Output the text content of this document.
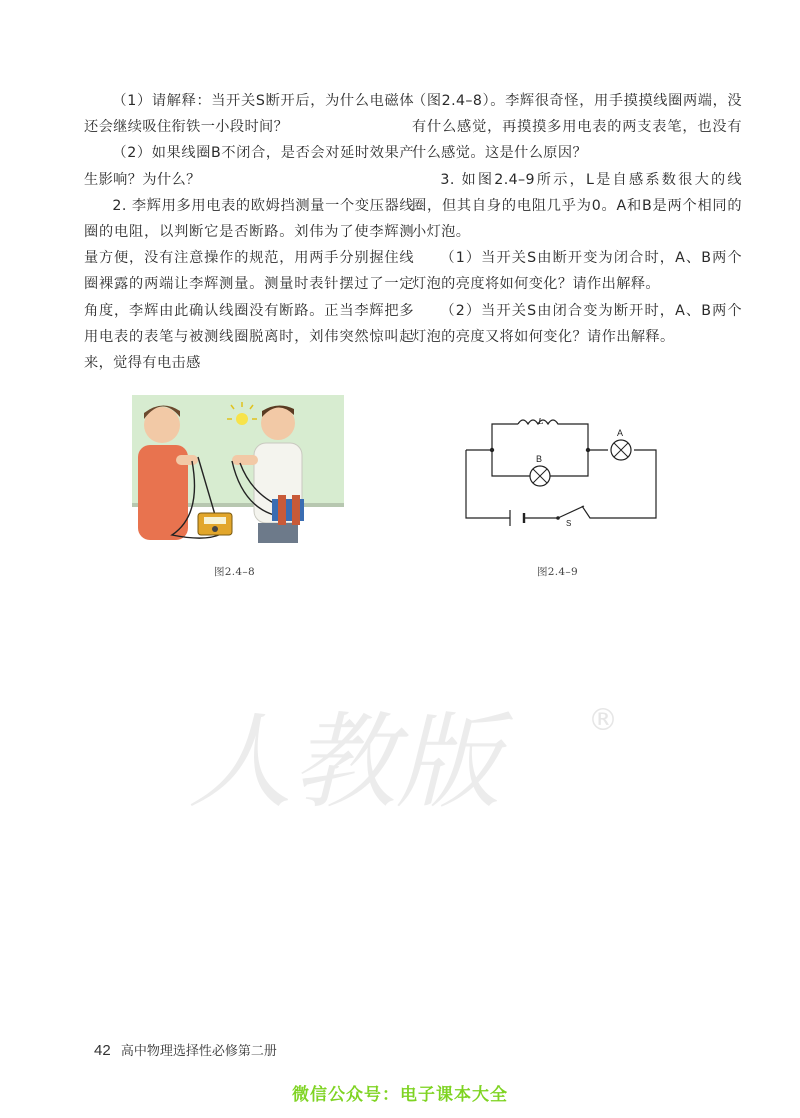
（1）请解释：当开关S断开后，为什么电磁体还会继续吸住衔铁一小段时间？

（2）如果线圈B不闭合，是否会对延时效果产生影响？为什么？

2. 李辉用多用电表的欧姆挡测量一个变压器线圈的电阻，以判断它是否断路。刘伟为了使李辉测量方便，没有注意操作的规范，用两手分别握住线圈裸露的两端让李辉测量。测量时表针摆过了一定角度，李辉由此确认线圈没有断路。正当李辉把多用电表的表笔与被测线圈脱离时，刘伟突然惊叫起来，觉得有电击感

（图2.4–8）。李辉很奇怪，用手摸摸线圈两端，没有什么感觉，再摸摸多用电表的两支表笔，也没有什么感觉。这是什么原因？

3. 如图2.4–9所示，L是自感系数很大的线圈，但其自身的电阻几乎为0。A和B是两个相同的小灯泡。

（1）当开关S由断开变为闭合时，A、B两个灯泡的亮度将如何变化？请作出解释。

（2）当开关S由闭合变为断开时，A、B两个灯泡的亮度又将如何变化？请作出解释。

图2.4–8
L
B
A
S
图2.4–9
人教版	®
42 高中物理选择性必修第二册
微信公众号：电子课本大全
